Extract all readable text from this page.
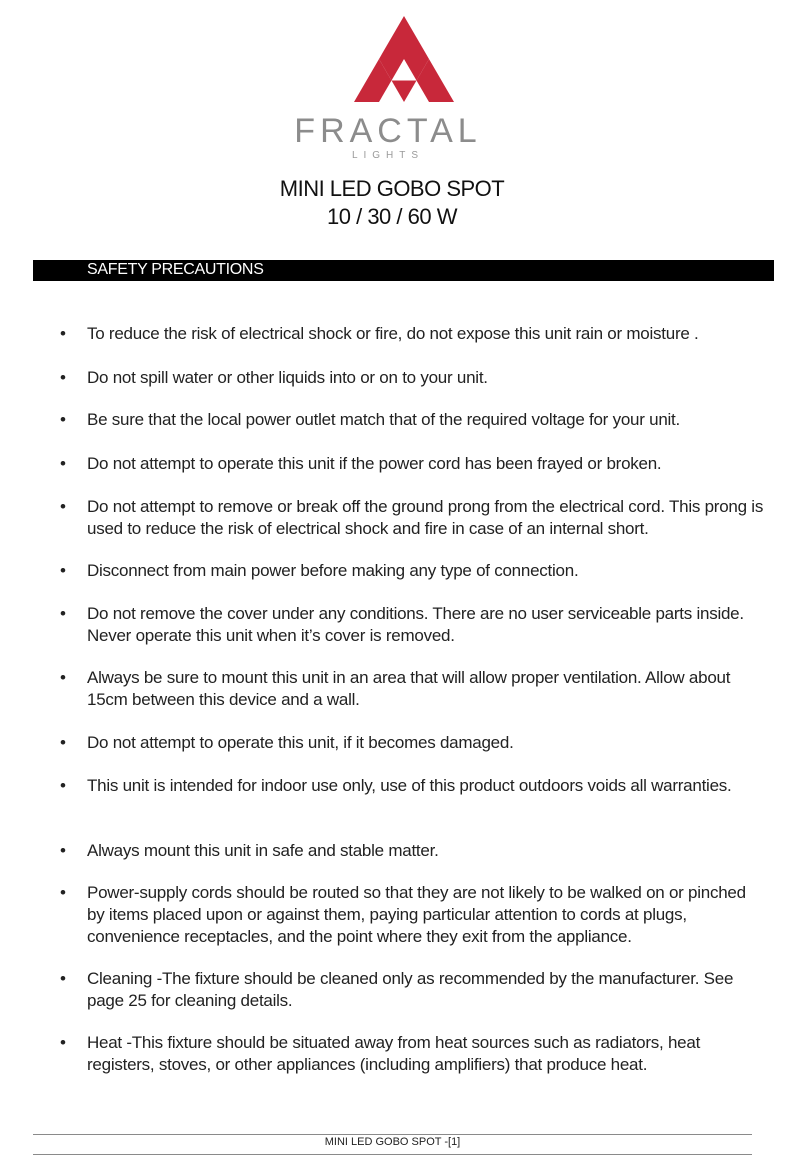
FRACTAL
LIGHTS
MINI LED GOBO SPOT
10 / 30 / 60 W
SAFETY PRECAUTIONS
•	To reduce the risk of electrical shock or fire, do not expose this unit rain or moisture .
•	Do not spill water or other liquids into or on to your unit.
•	Be sure that the local power outlet match that of the required voltage for your unit.
•	Do not attempt to operate this unit if the power cord has been frayed or broken.
•	Do not attempt to remove or break off the ground prong from the electrical cord. This prong is used to reduce the risk of electrical shock and fire in case of an internal short.
•	Disconnect from main power before making any type of connection.
•	Do not remove the cover under any conditions. There are no user serviceable parts inside. Never operate this unit when it’s cover is removed.
•	Always be sure to mount this unit in an area that will allow proper ventilation. Allow about 15cm between this device and a wall.
•	Do not attempt to operate this unit, if it becomes damaged.
•	This unit is intended for indoor use only, use of this product outdoors voids all warranties.
•	Always mount this unit in safe and stable matter.
•	Power-supply cords should be routed so that they are not likely to be walked on or pinched by items placed upon or against them, paying particular attention to cords at plugs, convenience receptacles, and the point where they exit from the appliance.
•	Cleaning -The fixture should be cleaned only as recommended by the manufacturer. See page 25 for cleaning details.
•	Heat -This fixture should be situated away from heat sources such as radiators, heat registers, stoves, or other appliances (including amplifiers) that produce heat.
MINI LED GOBO SPOT -[1]
